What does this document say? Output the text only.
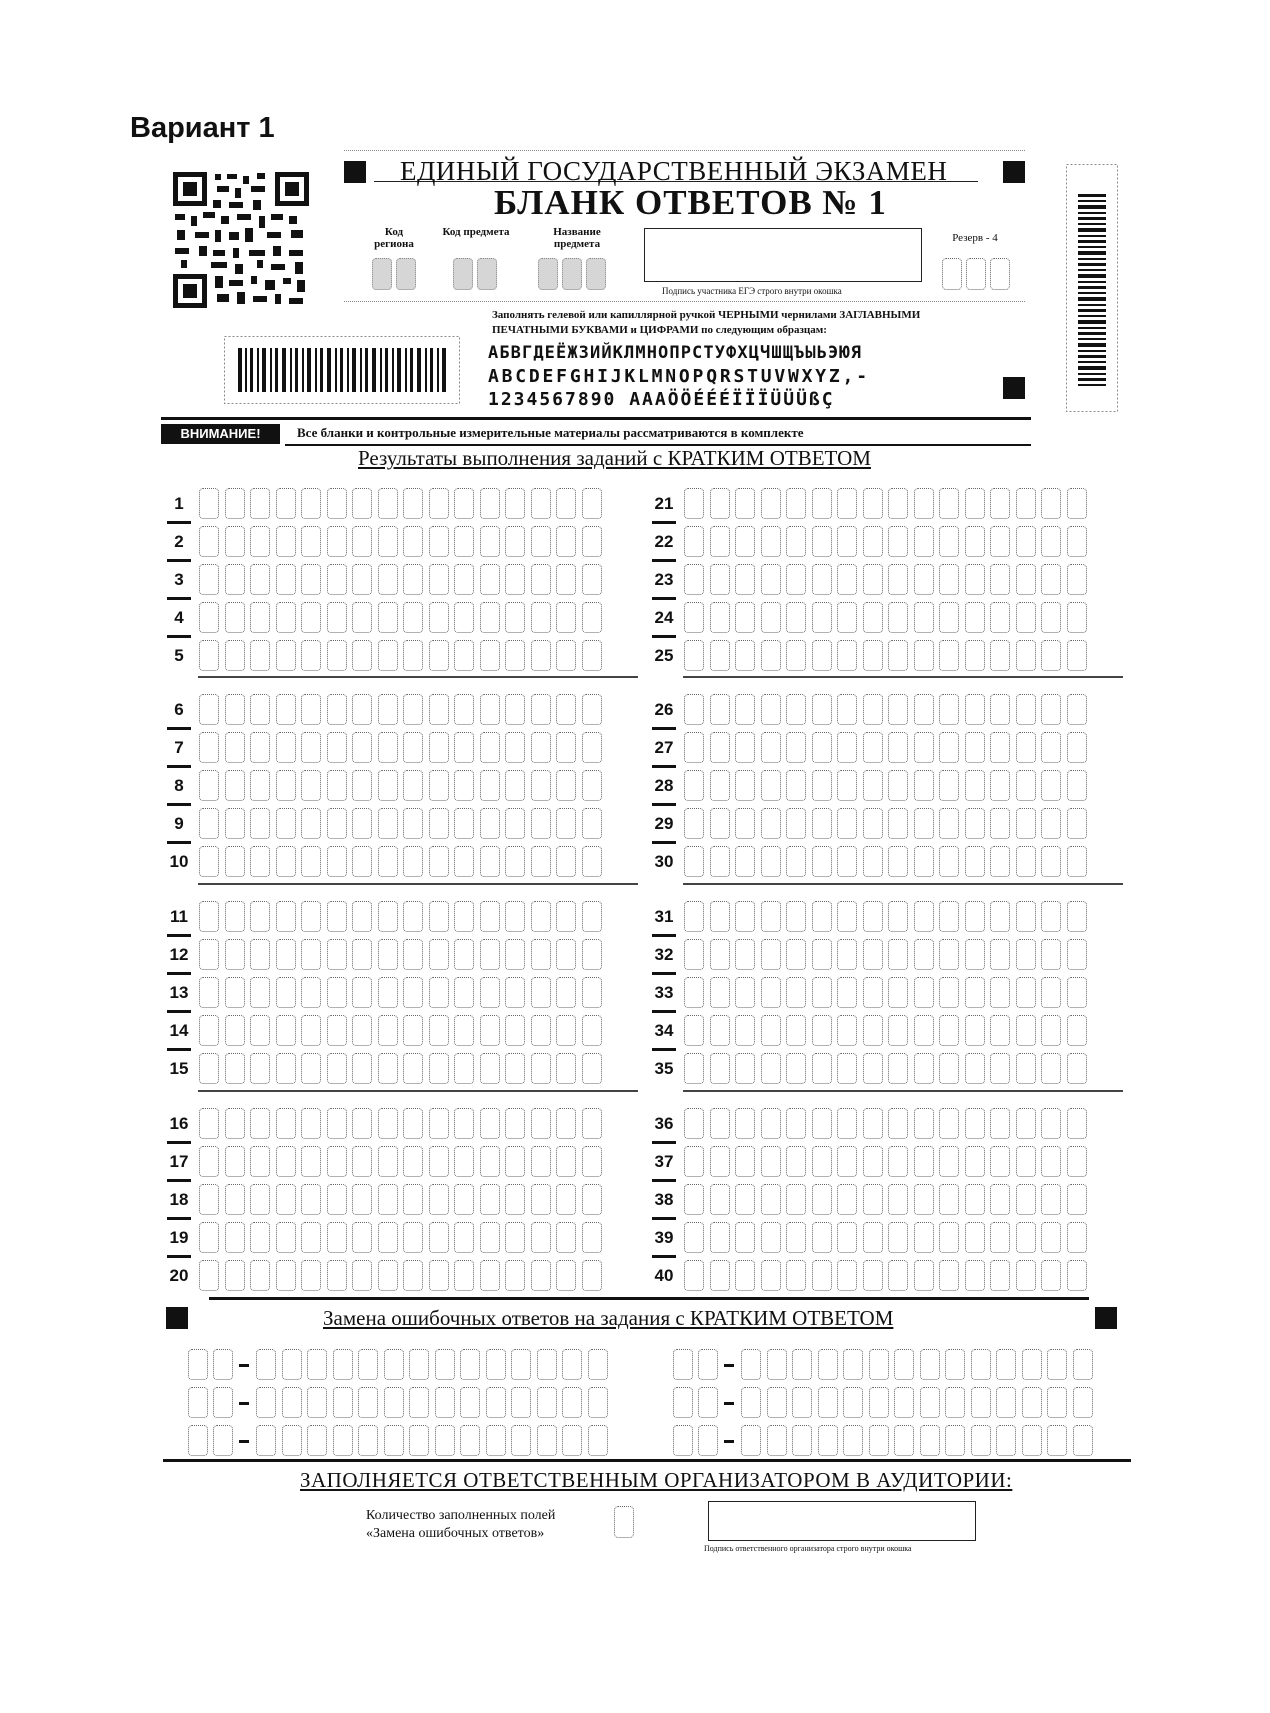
Вариант 1
ЕДИНЫЙ ГОСУДАРСТВЕННЫЙ ЭКЗАМЕН
БЛАНК ОТВЕТОВ № 1
Код региона
Код предмета	Название предмета	Резерв - 4
Подпись участника ЕГЭ строго внутри окошка
Заполнять гелевой или капиллярной ручкой ЧЕРНЫМИ чернилами ЗАГЛАВНЫМИ
ПЕЧАТНЫМИ БУКВАМИ и ЦИФРАМИ по следующим образцам:
АБВГДЕЁЖЗИЙКЛМНОПРСТУФХЦЧШЩЪЫЬЭЮЯ
ABCDEFGHIJKLMNOPQRSTUVWXYZ,-
1234567890 AAAÖÖÉÉÉÏÏÏÜÜÜßÇ
ВНИМАНИЕ!	Все бланки и контрольные измерительные материалы рассматриваются в комплекте
Результаты выполнения заданий с КРАТКИМ ОТВЕТОМ
1	21
2	22
3	23
4	24
5	25
6	26
7	27
8	28
9	29
10	30
11	31
12	32
13	33
14	34
15	35
16	36
17	37
18	38
19	39
20	40
Замена ошибочных ответов на задания с КРАТКИМ ОТВЕТОМ
ЗАПОЛНЯЕТСЯ ОТВЕТСТВЕННЫМ ОРГАНИЗАТОРОМ В АУДИТОРИИ:
Количество заполненных полей
«Замена ошибочных ответов»
Подпись ответственного организатора строго внутри окошка
